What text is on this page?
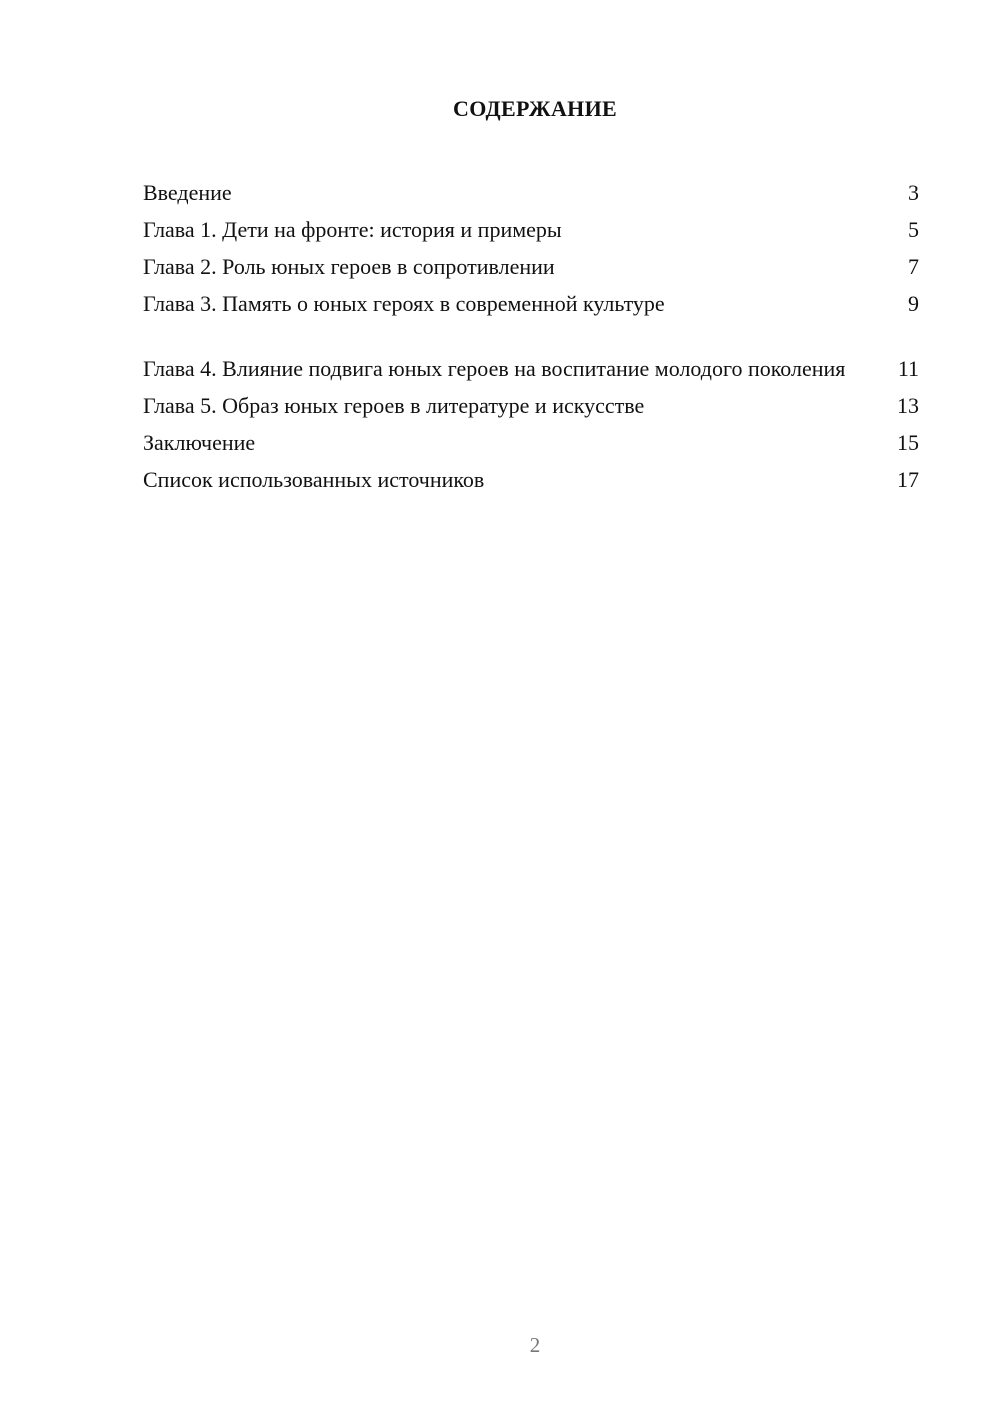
СОДЕРЖАНИЕ
Введение	3
Глава 1. Дети на фронте: история и примеры	5
Глава 2. Роль юных героев в сопротивлении	7
Глава 3. Память о юных героях в современной культуре	9
Глава 4. Влияние подвига юных героев на воспитание молодого поколения	11
Глава 5. Образ юных героев в литературе и искусстве	13
Заключение	15
Список использованных источников	17
2
